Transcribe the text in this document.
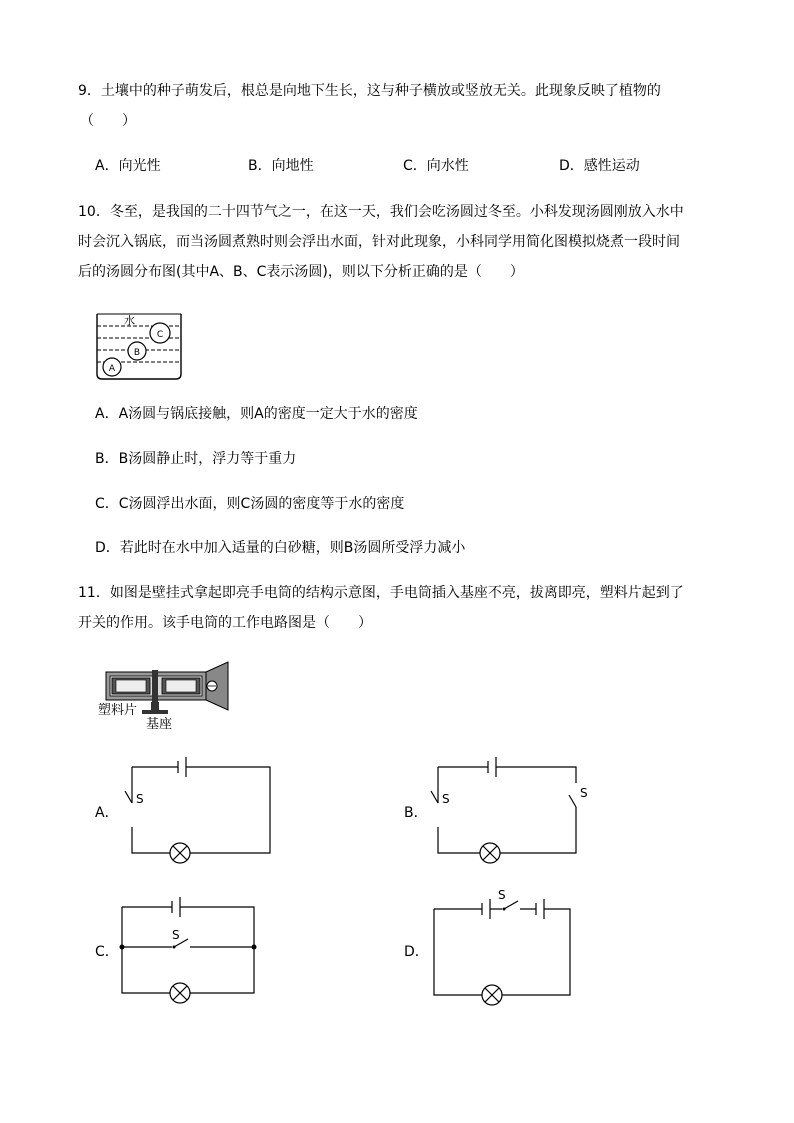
9．土壤中的种子萌发后，根总是向地下生长，这与种子横放或竖放无关。此现象反映了植物的
（　　）
A．向光性	B．向地性	C．向水性	D．感性运动
10．冬至，是我国的二十四节气之一，在这一天，我们会吃汤圆过冬至。小科发现汤圆刚放入水中
时会沉入锅底，而当汤圆煮熟时则会浮出水面，针对此现象，小科同学用简化图模拟烧煮一段时间
后的汤圆分布图(其中A、B、C表示汤圆)，则以下分析正确的是（　　）
水
C
B
A
A．A汤圆与锅底接触，则A的密度一定大于水的密度
B．B汤圆静止时，浮力等于重力
C．C汤圆浮出水面，则C汤圆的密度等于水的密度
D．若此时在水中加入适量的白砂糖，则B汤圆所受浮力减小
11．如图是壁挂式拿起即亮手电筒的结构示意图，手电筒插入基座不亮，拔离即亮，塑料片起到了
开关的作用。该手电筒的工作电路图是（　　）
塑料片
基座
A．
S
B．
S	S
C．
S
D．
S
